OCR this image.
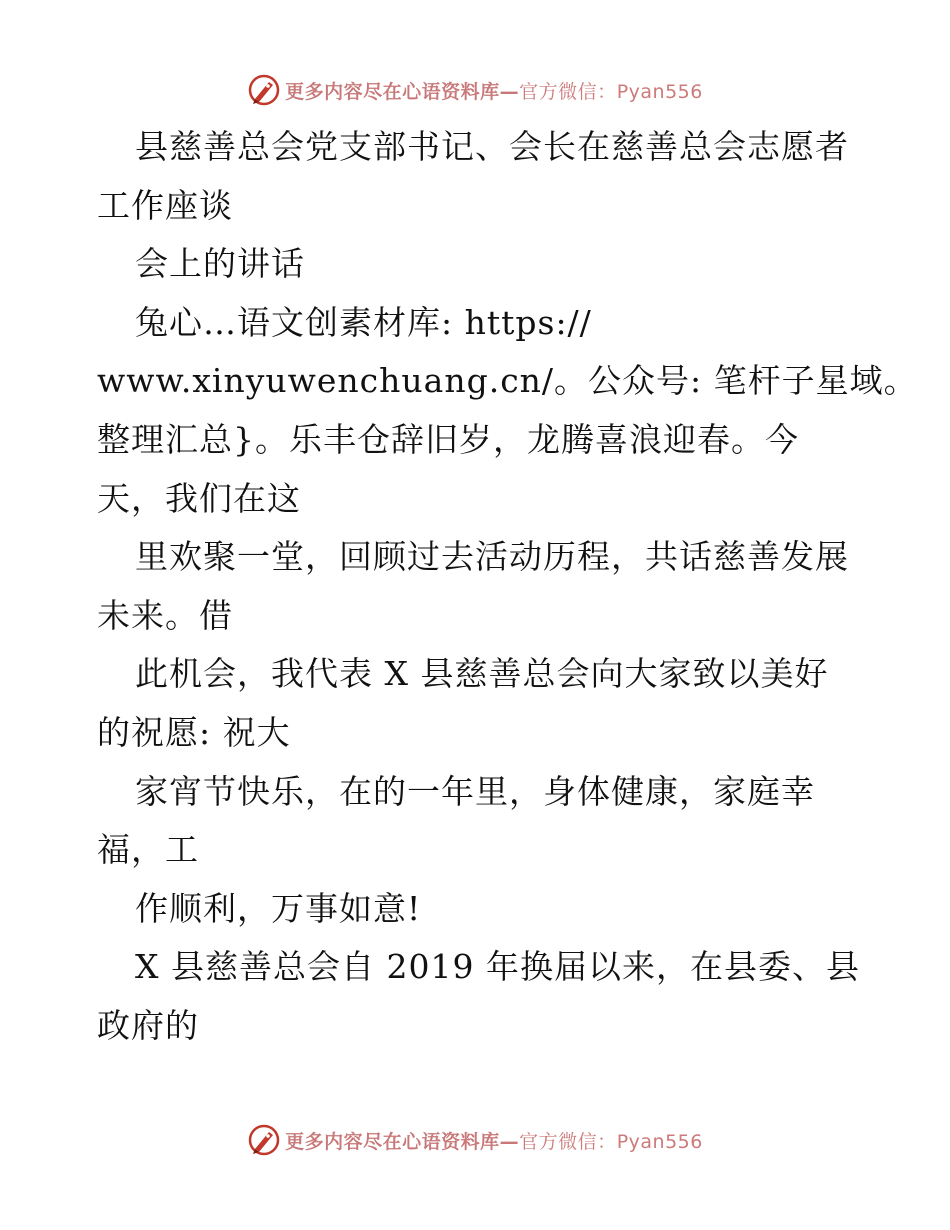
更多内容尽在心语资料库—官方微信：Pyan556
县慈善总会党支部书记、会长在慈善总会志愿者
工作座谈
会上的讲话
兔心…语文创素材库: https://
www.xinyuwenchuang.cn/。公众号: 笔杆子星域。
整理汇总}。乐丰仓辞旧岁，龙腾喜浪迎春。今
天，我们在这
里欢聚一堂，回顾过去活动历程，共话慈善发展
未来。借
此机会，我代表 X 县慈善总会向大家致以美好
的祝愿: 祝大
家宵节快乐，在的一年里，身体健康，家庭幸
福，工
作顺利，万事如意!
X 县慈善总会自 2019 年换届以来，在县委、县
政府的
更多内容尽在心语资料库—官方微信：Pyan556
